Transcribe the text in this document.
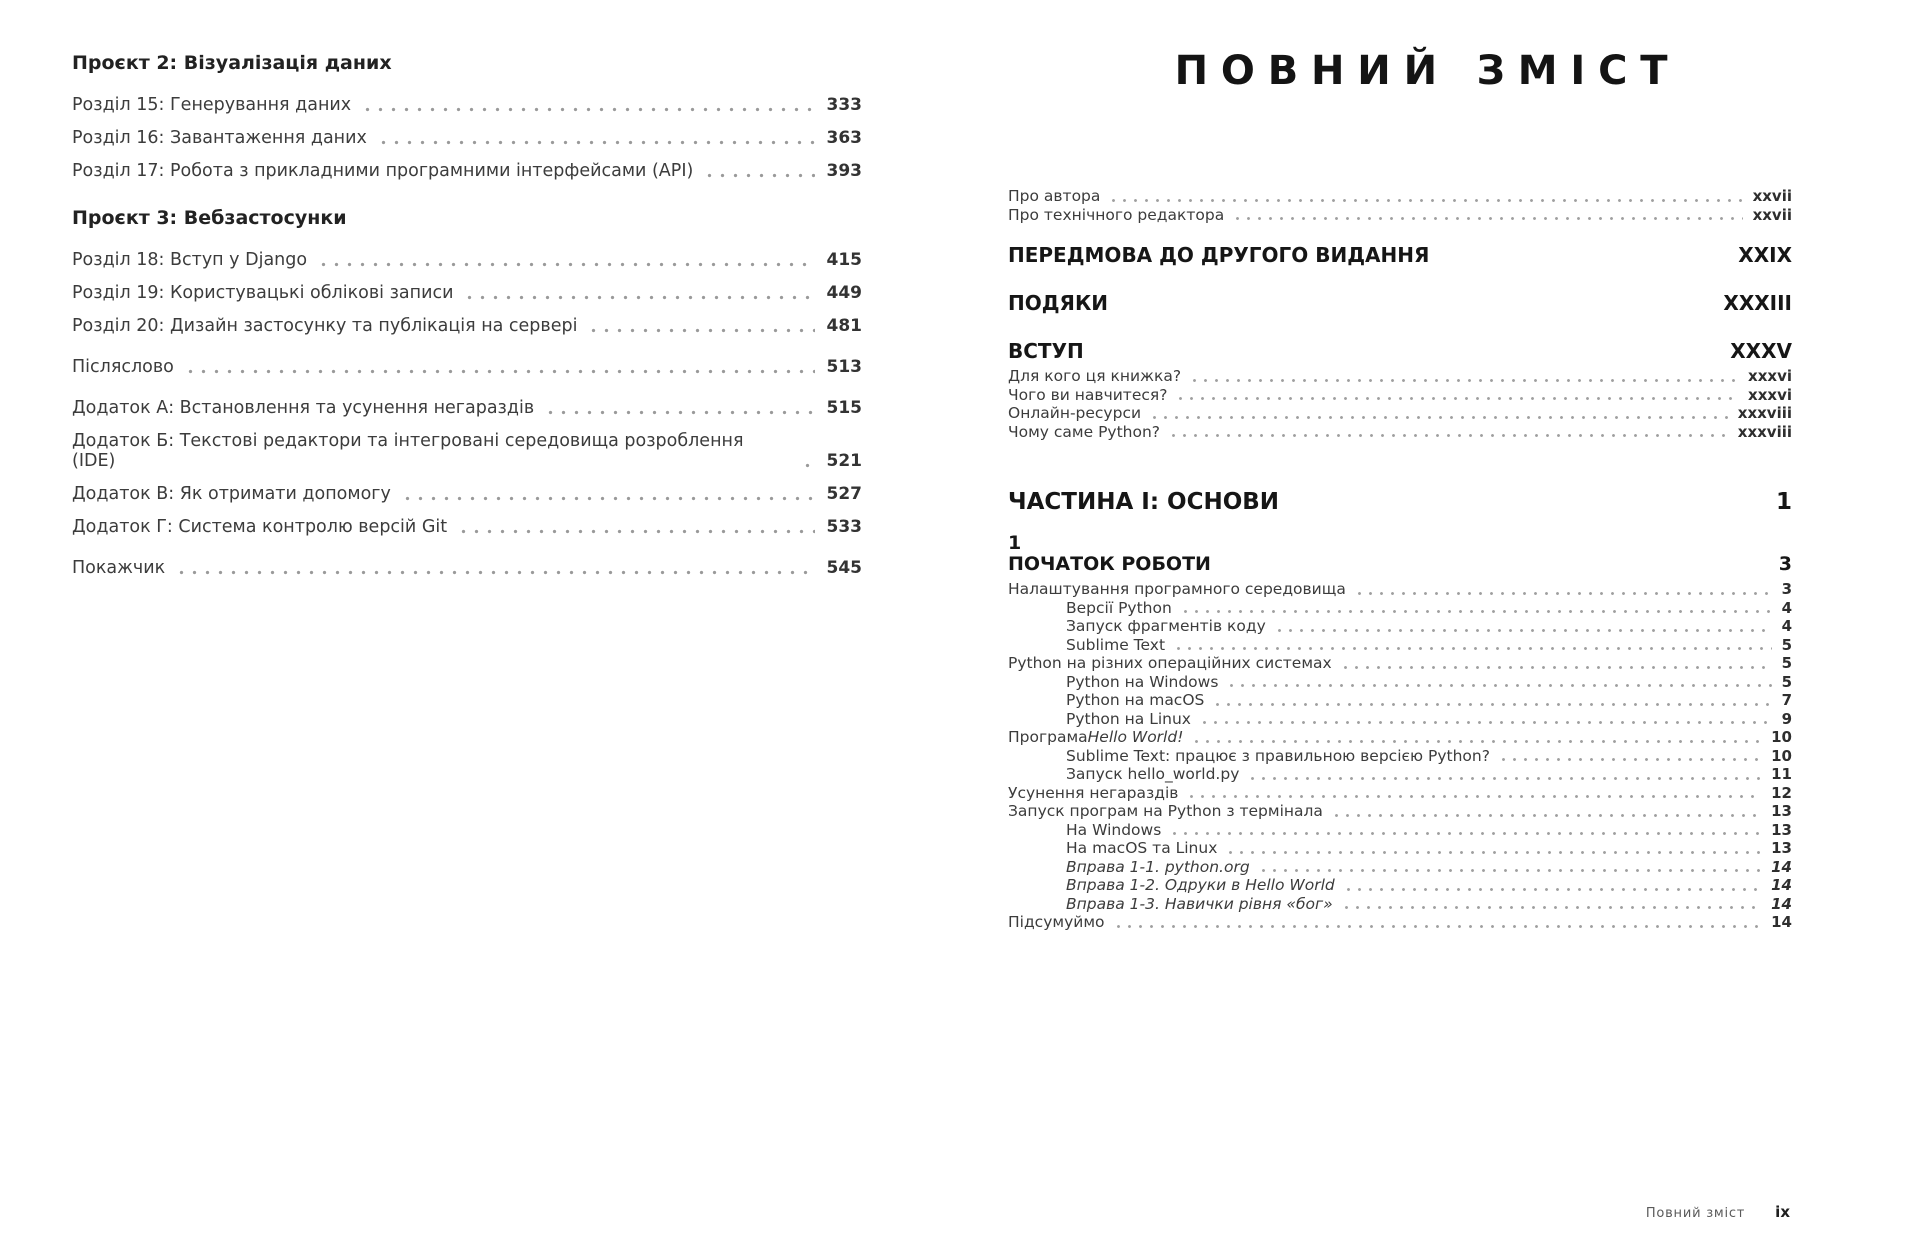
Проєкт 2: Візуалізація даних
Розділ 15: Генерування даних	333
Розділ 16: Завантаження даних	363
Розділ 17: Робота з прикладними програмними інтерфейсами (API)	393
Проєкт 3: Вебзастосунки
Розділ 18: Вступ у Django	415
Розділ 19: Користувацькі облікові записи	449
Розділ 20: Дизайн застосунку та публікація на сервері	481
Післяслово	513
Додаток А: Встановлення та усунення негараздів	515
Додаток Б: Текстові редактори та інтегровані середовища розроблення (IDE)	521
Додаток В: Як отримати допомогу	527
Додаток Г: Система контролю версій Git	533
Покажчик	545
ПОВНИЙ ЗМІСТ
Про автора	xxvii
Про технічного редактора	xxvii
ПЕРЕДМОВА ДО ДРУГОГО ВИДАННЯ	XXIX
ПОДЯКИ	XXXIII
ВСТУП	XXXV
Для кого ця книжка?	xxxvi
Чого ви навчитеся?	xxxvi
Онлайн-ресурси	xxxviii
Чому саме Python?	xxxviii
ЧАСТИНА I: ОСНОВИ	1
1
ПОЧАТОК РОБОТИ	3
Налаштування програмного середовища	3
Версії Python	4
Запуск фрагментів коду	4
Sublime Text	5
Python на різних операційних системах	5
Python на Windows	5
Python на macOS	7
Python на Linux	9
Програма Hello World!	10
Sublime Text: працює з правильною версією Python?	10
Запуск hello_world.py	11
Усунення негараздів	12
Запуск програм на Python з термінала	13
На Windows	13
На macOS та Linux	13
Вправа 1-1. python.org	14
Вправа 1-2. Одруки в Hello World	14
Вправа 1-3. Навички рівня «бог»	14
Підсумуймо	14
Повний зміст ix
